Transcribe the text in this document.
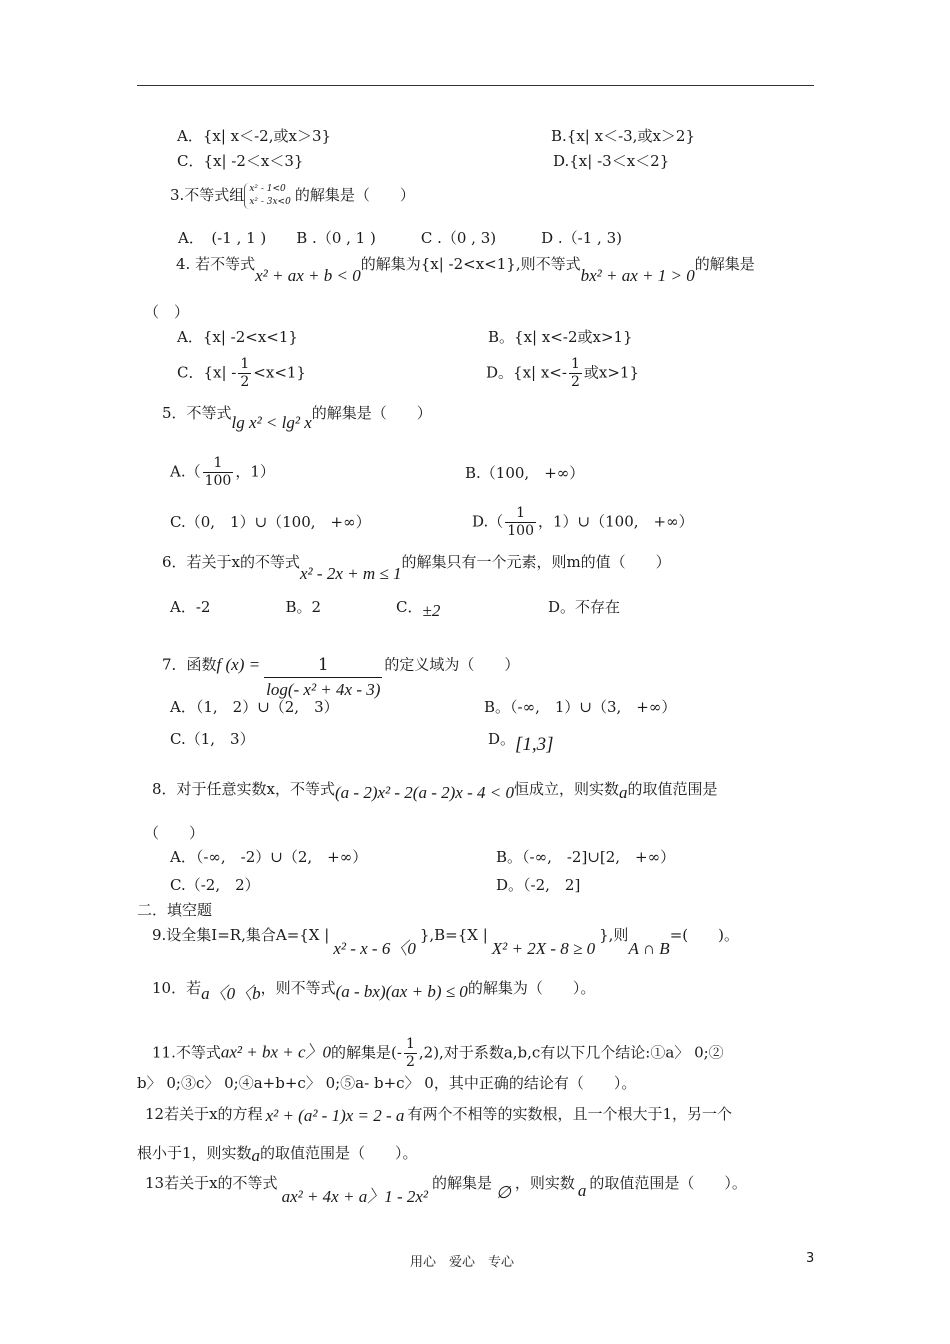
A．{x| x＜-2,或x＞3}	B.{x| x＜-3,或x＞2}
C．{x| -2＜x＜3}	D.{x| -3＜x＜2}
3.不等式组 x² - 1<0
x² - 3x<0 的解集是（　　）
A．　(-1 , 1 )　　B .（0 , 1 )　　　C .（0 , 3)　　　D .（-1 , 3)
4. 若不等式x² + ax + b < 0的解集为{x| -2<x<1},则不等式bx² + ax + 1 > 0的解集是
（　）
A．{x| -2<x<1}	B。{x| x<-2或x>1}
C．$\{x| - \frac{1}{2} <x<1\}$	D。{x| $x<- \frac{1}{2}$ 或x>1}
5．不等式lg x² < lg² x的解集是（　　）
$A.( \frac{1}{100}$ ，1）	B.（100,　+∞）
C.（0,　1）∪（100,　+∞）	$D.( \frac{1}{100}$ ，1）∪（100,　+∞）
6．若关于x的不等式x² - 2x + m ≤ 1的解集只有一个元素，则m的值（　　）
A．-2　　　　　B。2　　　　　C．±2	D。不存在
7．函数f $(x) = \frac{1}{\text{log(- x² + 4x - 3)}}$ 的定义域为（　　）
A．（1,　2）∪（2,　3）	B。（-∞,　1）∪（3,　+∞）
C.（1,　3）	D。[1,3]
8．对于任意实数x，不等式(a - 2)x² - 2(a - 2)x - 4 < 0恒成立，则实数a的取值范围是
（　　）
A．（-∞,　-2）∪（2,　+∞）	B。（-∞,　-2]∪[2,　+∞）
C.（-2,　2）	D。（-2,　2]
二．填空题
9.设全集I=R,集合A={X |x² - x - 6〈0},B={X |X² + 2X - 8 ≥ 0},则A ∩ B=(　　)。
10．若a〈0〈b，则不等式(a - bx)(ax + b) ≤ 0的解集为（　　）。
11.不等式ax² + bx + c〉0的解集是(- $\frac{1}{2} ,2$),对于系数a,b,c有以下几个结论:①a〉 0;②
b〉 0;③c〉 0;④a+b+c〉 0;⑤a- b+c〉 0，其中正确的结论有（　　）。
12若关于x的方程 x² + (a² - 1)x = 2 - a 有两个不相等的实数根，且一个根大于1，另一个
根小于1，则实数a的取值范围是（　　）。
13若关于x的不等式ax² + 4x + a〉1 - 2x²的解集是 ∅ ，则实数 a 的取值范围是（　　）。
用心　爱心　专心	3
